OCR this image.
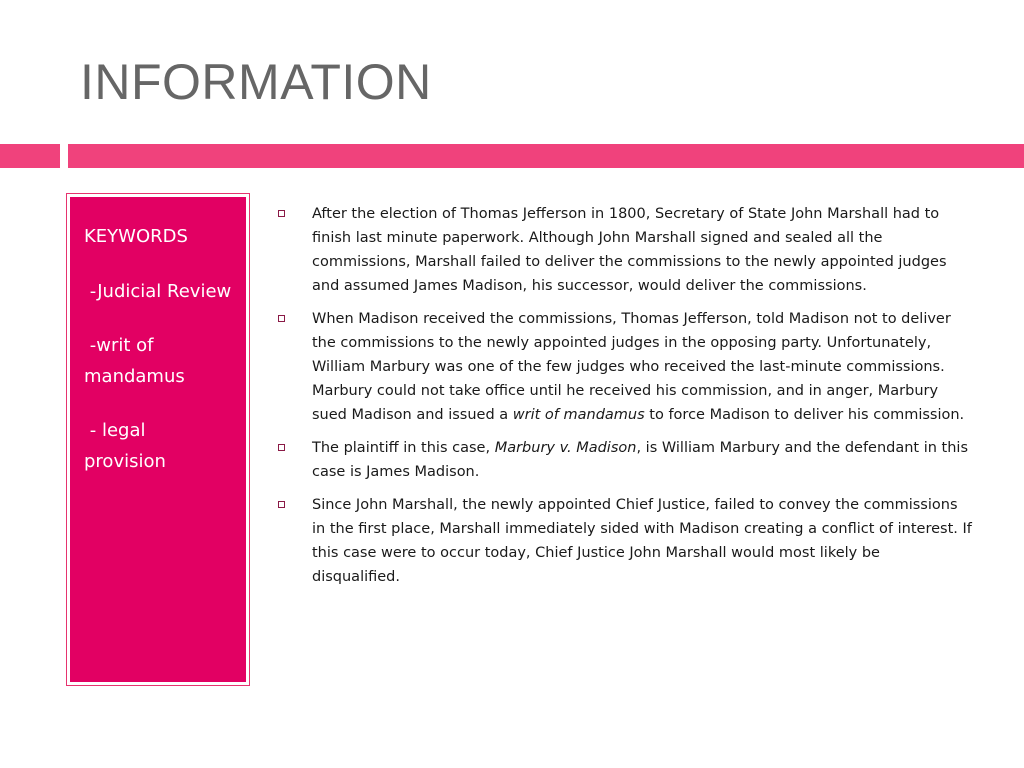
INFORMATION
KEYWORDS
-Judicial Review
-writ of mandamus
- legal provision
After the election of Thomas Jefferson in 1800, Secretary of State John Marshall had to finish last minute paperwork. Although John Marshall signed and sealed all the commissions, Marshall failed to deliver the commissions to the newly appointed judges and assumed James Madison, his successor, would deliver the commissions.
When Madison received the commissions, Thomas Jefferson, told Madison not to deliver the commissions to the newly appointed judges in the opposing party. Unfortunately, William Marbury was one of the few judges who received the last-minute commissions. Marbury could not take office until he received his commission, and in anger, Marbury sued Madison and issued a writ of mandamus to force Madison to deliver his commission.
The plaintiff in this case, Marbury v. Madison, is William Marbury and the defendant in this case is James Madison.
Since John Marshall, the newly appointed Chief Justice, failed to convey the commissions in the first place, Marshall immediately sided with Madison creating a conflict of interest. If this case were to occur today, Chief Justice John Marshall would most likely be disqualified.
